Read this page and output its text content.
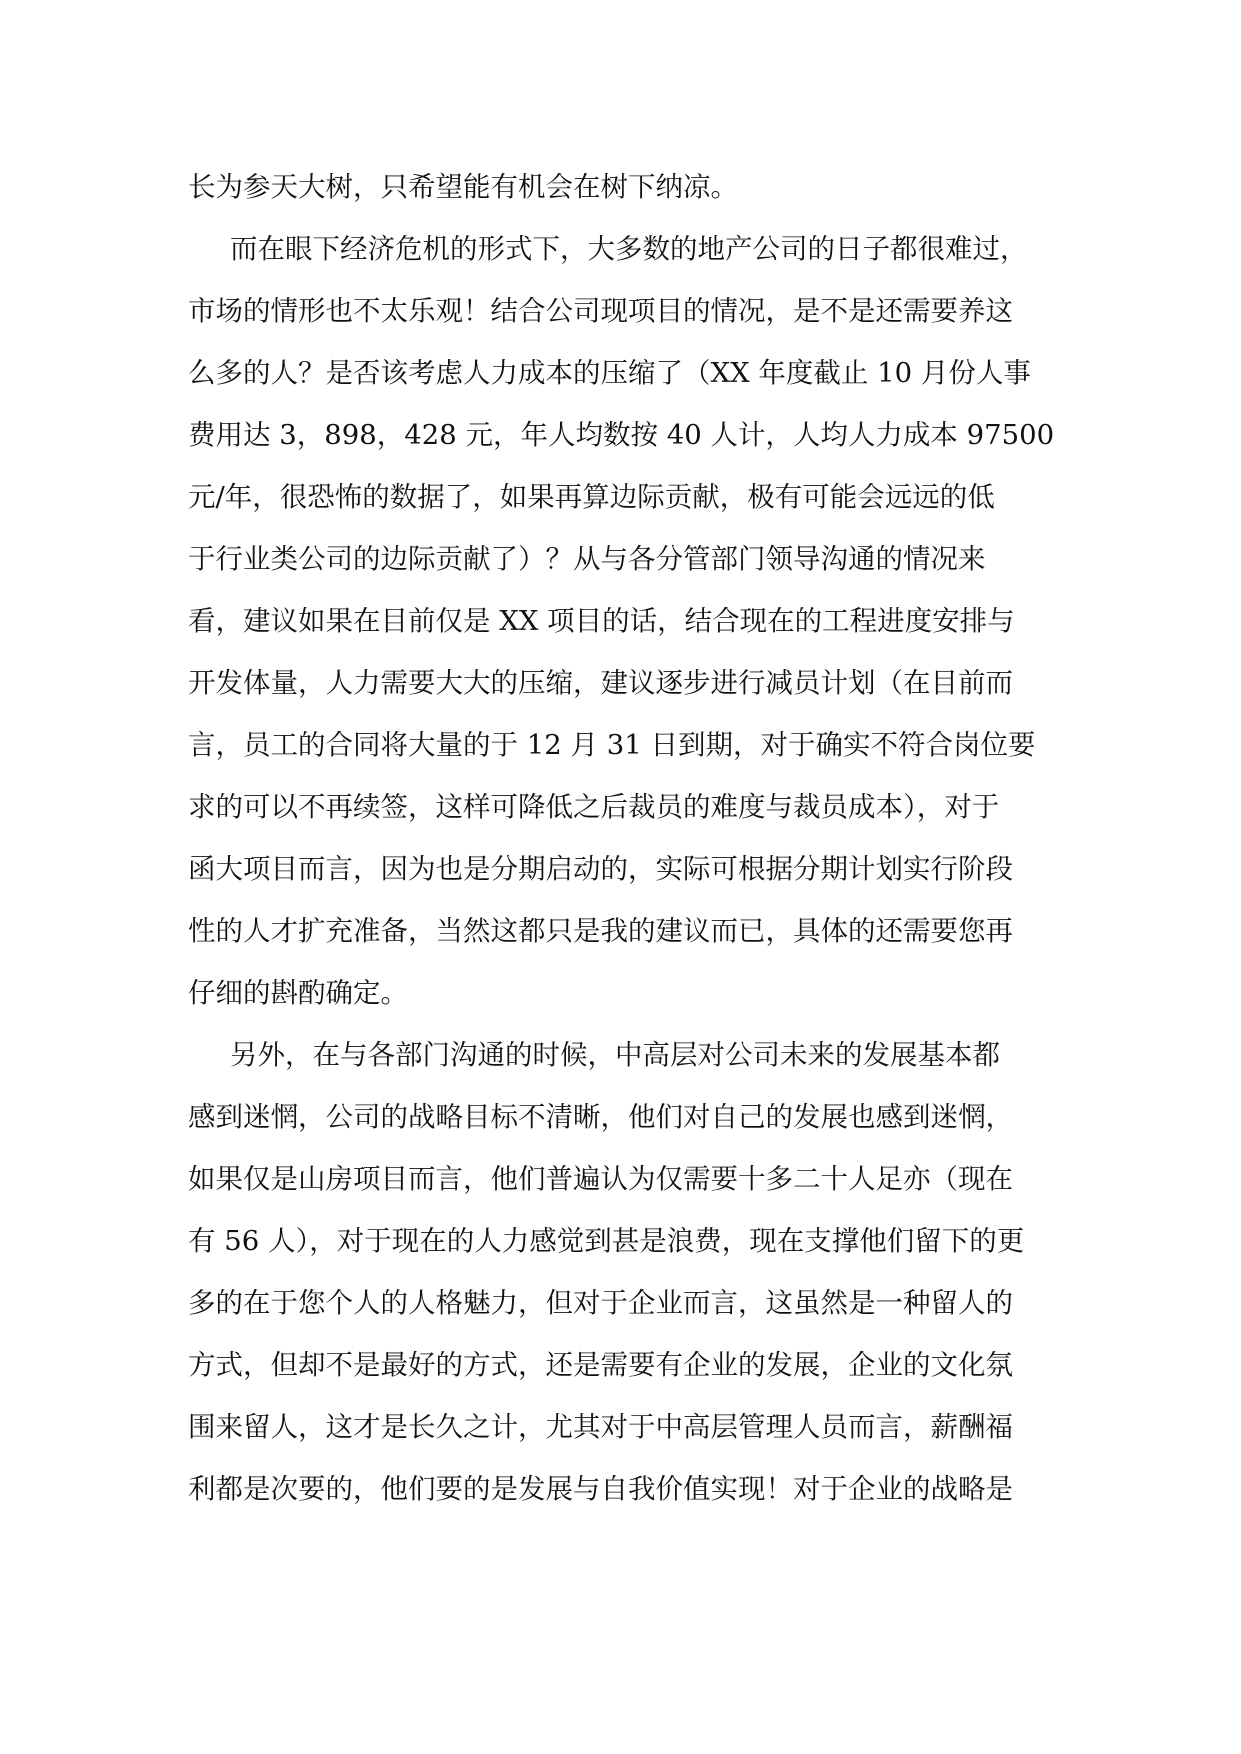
长为参天大树，只希望能有机会在树下纳凉。
而在眼下经济危机的形式下，大多数的地产公司的日子都很难过，
市场的情形也不太乐观！结合公司现项目的情况，是不是还需要养这
么多的人？是否该考虑人力成本的压缩了（XX 年度截止 10 月份人事
费用达 3，898，428 元，年人均数按 40 人计，人均人力成本 97500
元/年，很恐怖的数据了，如果再算边际贡献，极有可能会远远的低
于行业类公司的边际贡献了）？从与各分管部门领导沟通的情况来
看，建议如果在目前仅是 XX 项目的话，结合现在的工程进度安排与
开发体量，人力需要大大的压缩，建议逐步进行减员计划（在目前而
言，员工的合同将大量的于 12 月 31 日到期，对于确实不符合岗位要
求的可以不再续签，这样可降低之后裁员的难度与裁员成本），对于
函大项目而言，因为也是分期启动的，实际可根据分期计划实行阶段
性的人才扩充准备，当然这都只是我的建议而已，具体的还需要您再
仔细的斟酌确定。
另外，在与各部门沟通的时候，中高层对公司未来的发展基本都
感到迷惘，公司的战略目标不清晰，他们对自己的发展也感到迷惘，
如果仅是山房项目而言，他们普遍认为仅需要十多二十人足亦（现在
有 56 人），对于现在的人力感觉到甚是浪费，现在支撑他们留下的更
多的在于您个人的人格魅力，但对于企业而言，这虽然是一种留人的
方式，但却不是最好的方式，还是需要有企业的发展，企业的文化氛
围来留人，这才是长久之计，尤其对于中高层管理人员而言，薪酬福
利都是次要的，他们要的是发展与自我价值实现！对于企业的战略是
